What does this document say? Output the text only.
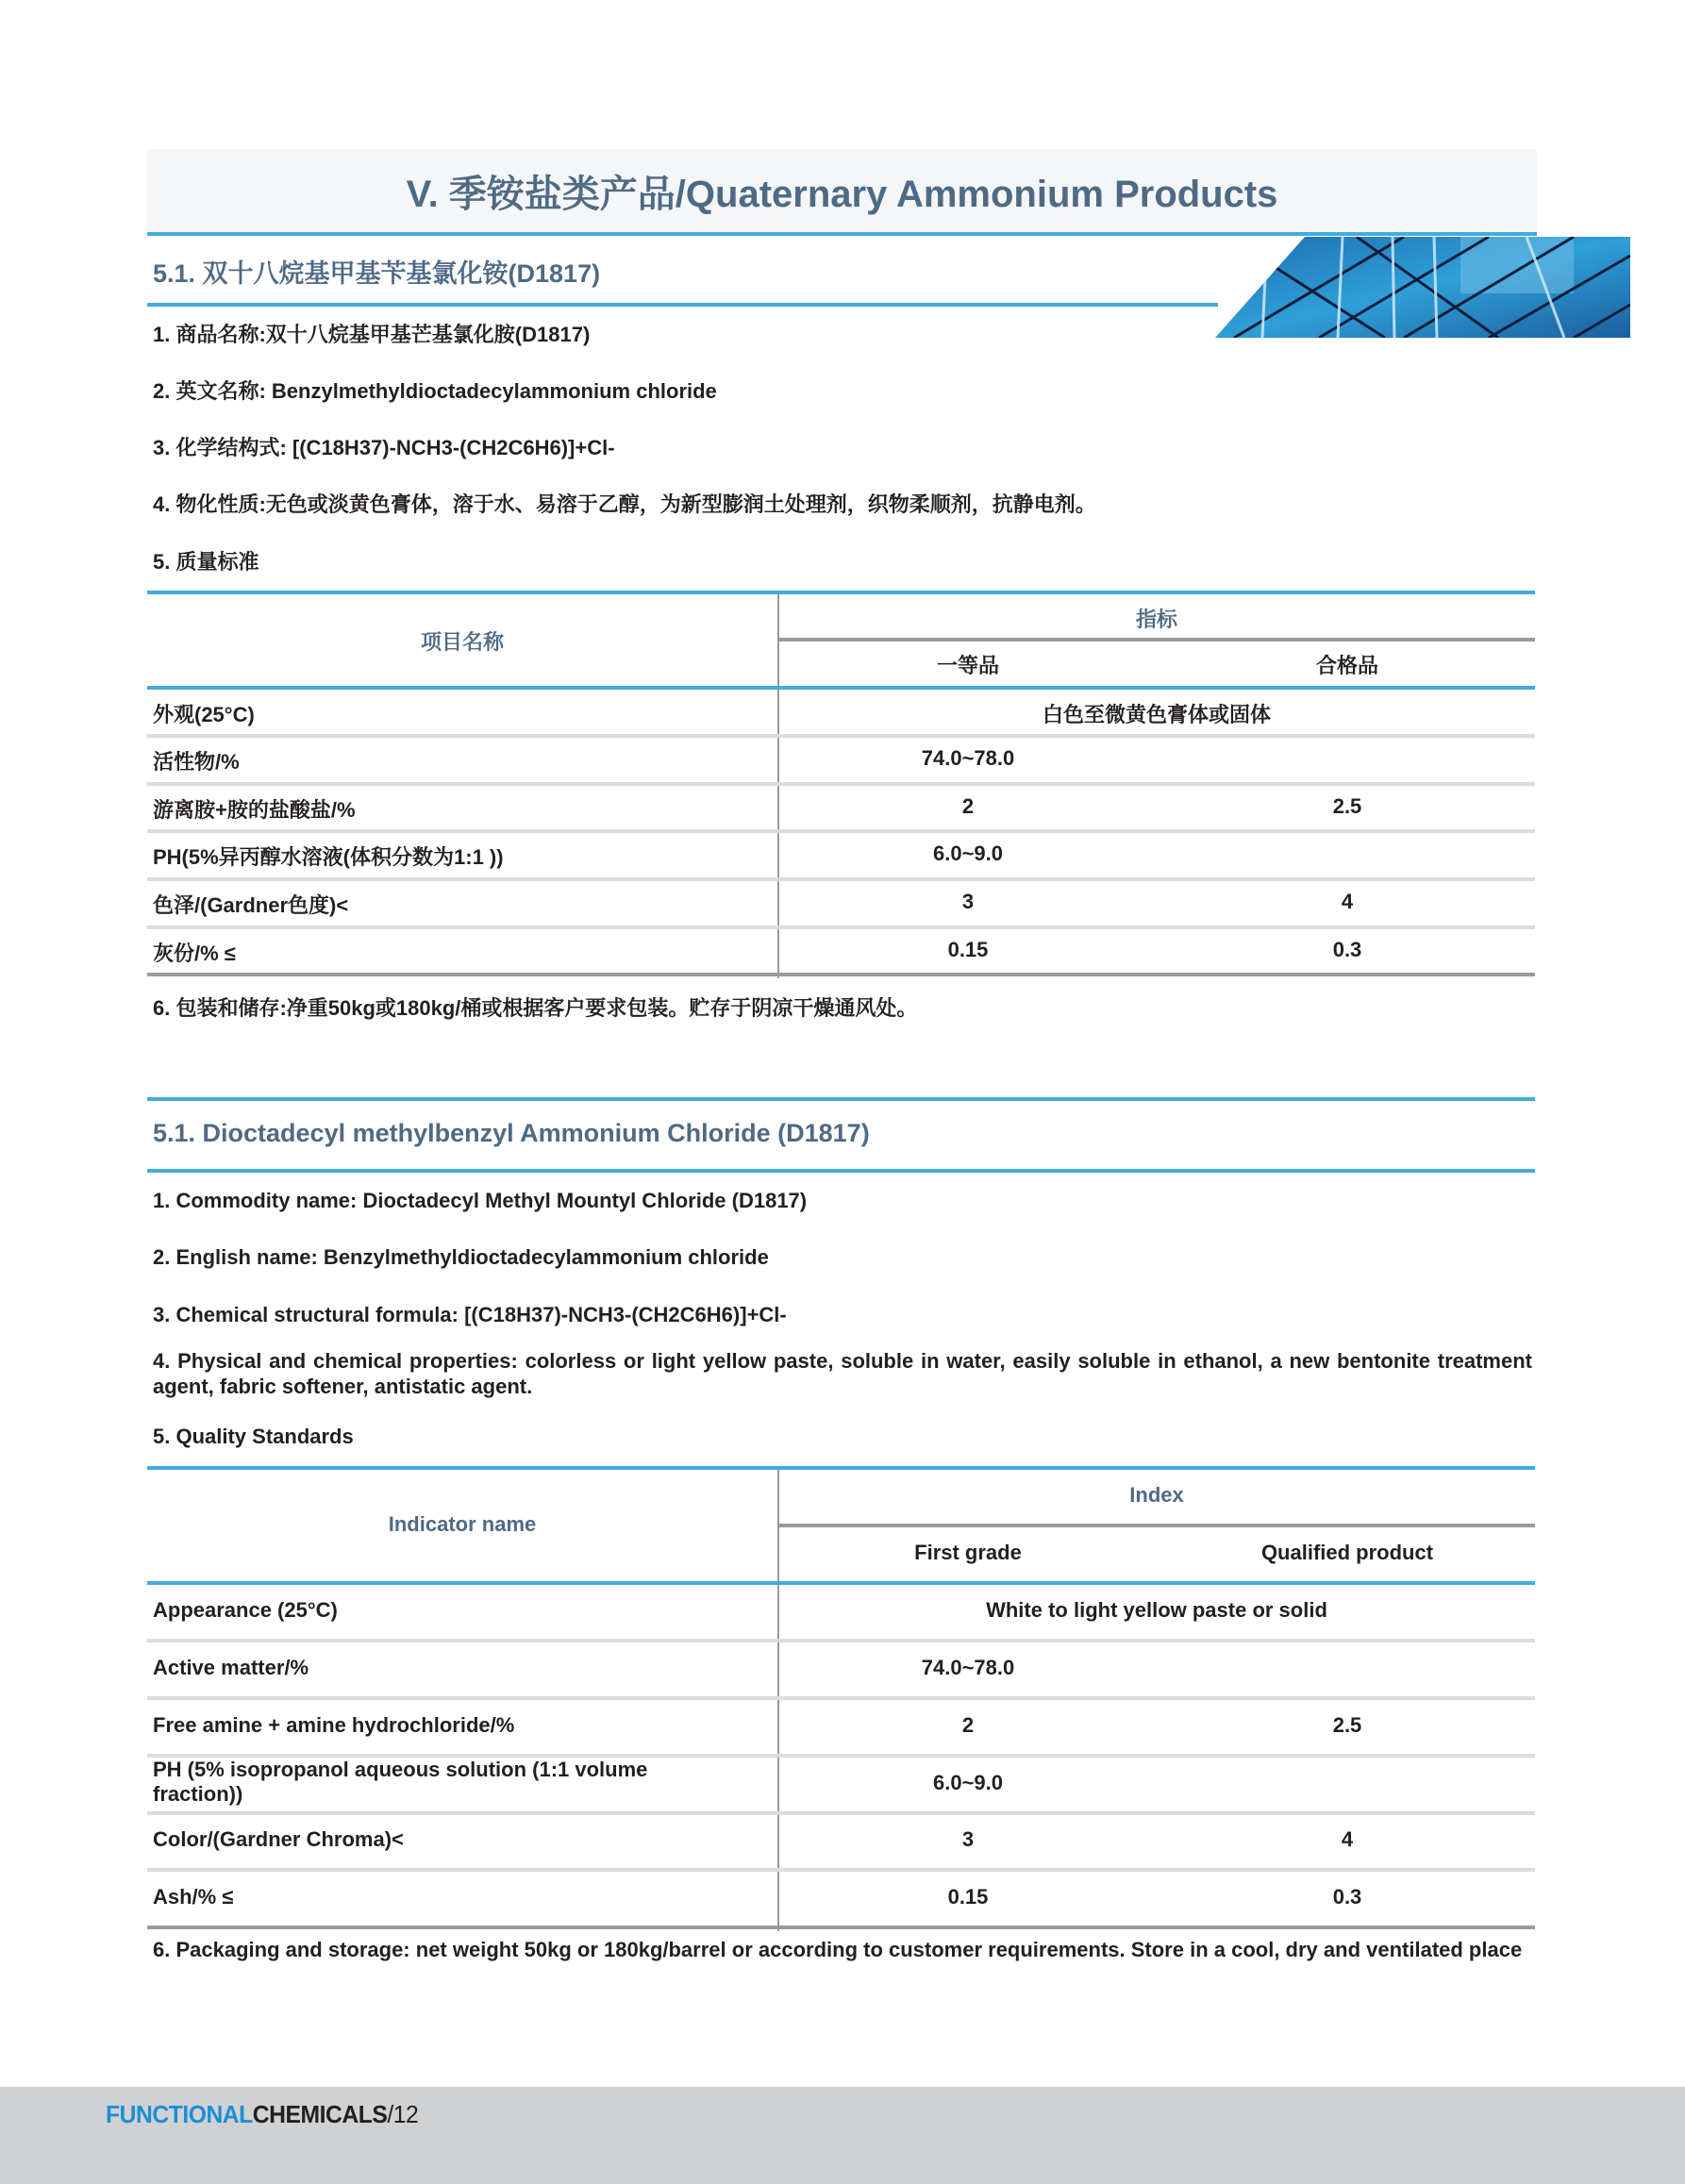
V. 季铵盐类产品/Quaternary Ammonium Products
5.1. 双十八烷基甲基苄基氯化铵(D1817)
1. 商品名称:双十八烷基甲基芒基氯化胺(D1817)
2. 英文名称: Benzylmethyldioctadecylammonium chloride
3. 化学结构式: [(C18H37)-NCH3-(CH2C6H6)]+Cl-
4. 物化性质:无色或淡黄色膏体，溶于水、易溶于乙醇，为新型膨润土处理剂，织物柔顺剂，抗静电剂。
5. 质量标准
项目名称
指标
一等品	合格品
外观(25°C)	白色至微黄色膏体或固体
活性物/%	74.0~78.0
游离胺+胺的盐酸盐/%	2	2.5
PH(5%异丙醇水溶液(体积分数为1:1 ))	6.0~9.0
色泽/(Gardner色度)<	3	4
灰份/% ≤	0.15	0.3
6. 包装和储存:净重50kg或180kg/桶或根据客户要求包装。贮存于阴凉干燥通风处。
5.1. Dioctadecyl methylbenzyl Ammonium Chloride (D1817)
1. Commodity name: Dioctadecyl Methyl Mountyl Chloride (D1817)
2. English name: Benzylmethyldioctadecylammonium chloride
3. Chemical structural formula: [(C18H37)-NCH3-(CH2C6H6)]+Cl-
4. Physical and chemical properties: colorless or light yellow paste, soluble in water, easily soluble in ethanol, a new bentonite treatment agent, fabric softener, antistatic agent.
5. Quality Standards
Indicator name
Index
First grade	Qualified product
Appearance (25°C)	White to light yellow paste or solid
Active matter/%	74.0~78.0
Free amine + amine hydrochloride/%	2	2.5
PH (5% isopropanol aqueous solution (1:1 volume fraction))	6.0~9.0
Color/(Gardner Chroma)<	3	4
Ash/% ≤	0.15	0.3
6. Packaging and storage: net weight 50kg or 180kg/barrel or according to customer requirements. Store in a cool, dry and ventilated place
FUNCTIONALCHEMICALS/12
